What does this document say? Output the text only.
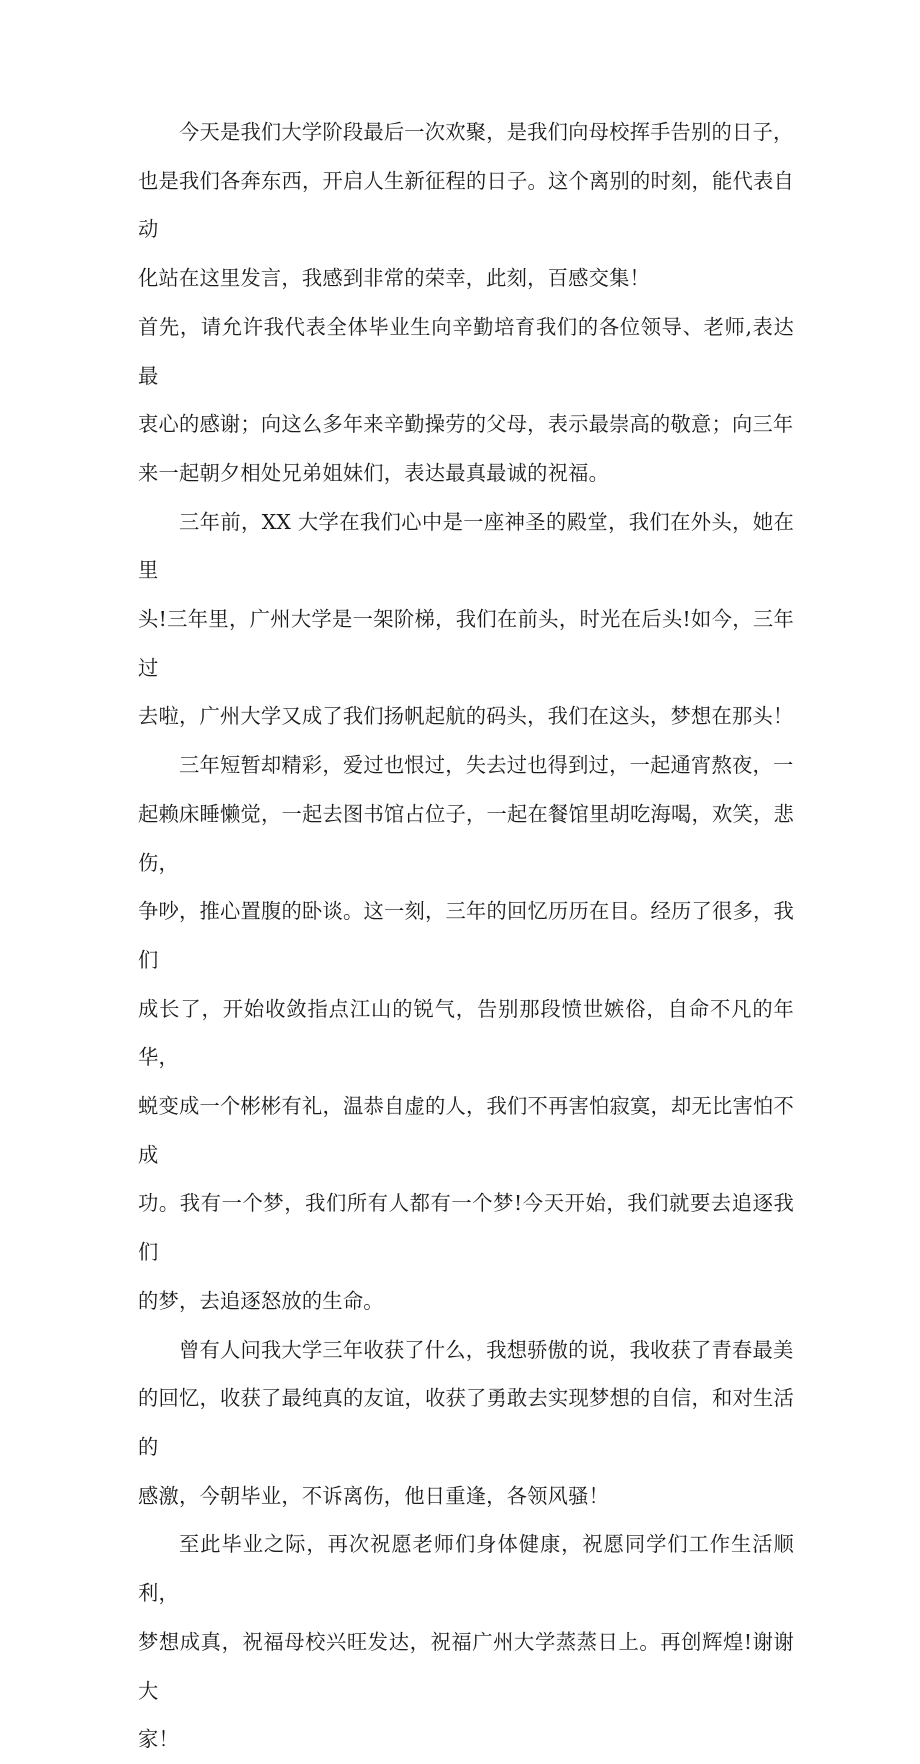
今天是我们大学阶段最后一次欢聚，是我们向母校挥手告别的日子，
也是我们各奔东西，开启人生新征程的日子。这个离别的时刻，能代表自动
化站在这里发言，我感到非常的荣幸，此刻，百感交集！

首先，请允许我代表全体毕业生向辛勤培育我们的各位领导、老师,表达最
衷心的感谢；向这么多年来辛勤操劳的父母，表示最崇高的敬意；向三年
来一起朝夕相处兄弟姐妹们，表达最真最诚的祝福。

三年前，XX 大学在我们心中是一座神圣的殿堂，我们在外头，她在里
头!三年里，广州大学是一架阶梯，我们在前头，时光在后头!如今，三年过
去啦，广州大学又成了我们扬帆起航的码头，我们在这头，梦想在那头！

三年短暂却精彩，爱过也恨过，失去过也得到过，一起通宵熬夜，一
起赖床睡懒觉，一起去图书馆占位子，一起在餐馆里胡吃海喝，欢笑，悲伤，
争吵，推心置腹的卧谈。这一刻，三年的回忆历历在目。经历了很多，我们
成长了，开始收敛指点江山的锐气，告别那段愤世嫉俗，自命不凡的年华，
蜕变成一个彬彬有礼，温恭自虚的人，我们不再害怕寂寞，却无比害怕不成
功。我有一个梦，我们所有人都有一个梦!今天开始，我们就要去追逐我们
的梦，去追逐怒放的生命。

曾有人问我大学三年收获了什么，我想骄傲的说，我收获了青春最美
的回忆，收获了最纯真的友谊，收获了勇敢去实现梦想的自信，和对生活的
感激，今朝毕业，不诉离伤，他日重逢，各领风骚！

至此毕业之际，再次祝愿老师们身体健康，祝愿同学们工作生活顺利，
梦想成真，祝福母校兴旺发达，祝福广州大学蒸蒸日上。再创辉煌!谢谢大
家！
